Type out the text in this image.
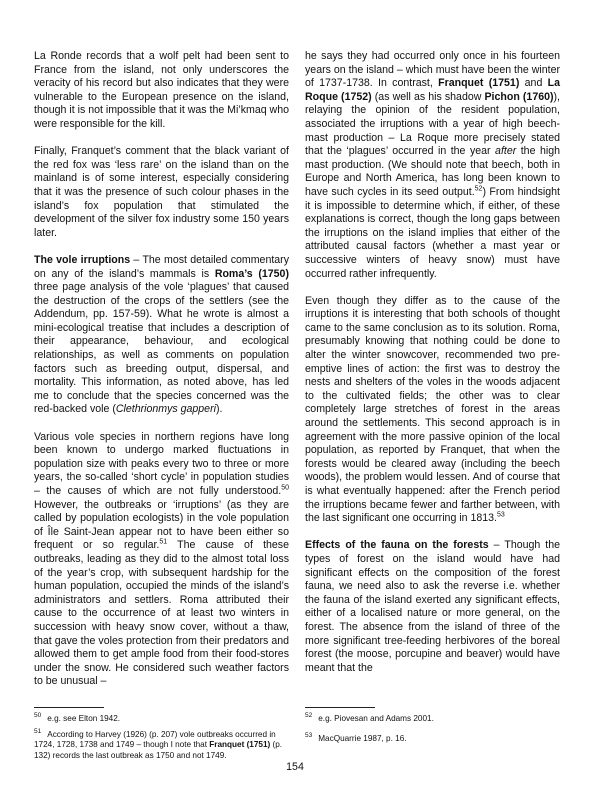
La Ronde records that a wolf pelt had been sent to France from the island, not only underscores the veracity of his record but also indicates that they were vulnerable to the European presence on the island, though it is not impossible that it was the Mi’kmaq who were responsible for the kill.

Finally, Franquet’s comment that the black variant of the red fox was ‘less rare’ on the island than on the mainland is of some interest, especially considering that it was the presence of such colour phases in the island’s fox population that stimulated the development of the silver fox industry some 150 years later.

The vole irruptions – The most detailed commentary on any of the island’s mammals is Roma’s (1750) three page analysis of the vole ‘plagues’ that caused the destruction of the crops of the settlers (see the Addendum, pp. 157-59). What he wrote is almost a mini-ecological treatise that includes a description of their appearance, behaviour, and ecological relationships, as well as comments on population factors such as breeding output, dispersal, and mortality. This information, as noted above, has led me to conclude that the species concerned was the red-backed vole (Clethrionmys gapperi).

Various vole species in northern regions have long been known to undergo marked fluctuations in population size with peaks every two to three or more years, the so-called ‘short cycle’ in population studies – the causes of which are not fully understood.$^{50}$ However, the outbreaks or ‘irruptions’ (as they are called by population ecologists) in the vole population of Île Saint-Jean appear not to have been either so frequent or so regular.$^{51}$ The cause of these outbreaks, leading as they did to the almost total loss of the year’s crop, with subsequent hardship for the human population, occupied the minds of the island’s administrators and settlers. Roma attributed their cause to the occurrence of at least two winters in succession with heavy snow cover, without a thaw, that gave the voles protection from their predators and allowed them to get ample food from their food-stores under the snow. He considered such weather factors to be unusual –

he says they had occurred only once in his fourteen years on the island – which must have been the winter of 1737-1738. In contrast, Franquet (1751) and La Roque (1752) (as well as his shadow Pichon (1760)), relaying the opinion of the resident population, associated the irruptions with a year of high beech-mast production – La Roque more precisely stated that the ‘plagues’ occurred in the year after the high mast production. (We should note that beech, both in Europe and North America, has long been known to have such cycles in its seed output.$^{52}$) From hindsight it is impossible to determine which, if either, of these explanations is correct, though the long gaps between the irruptions on the island implies that either of the attributed causal factors (whether a mast year or successive winters of heavy snow) must have occurred rather infrequently.

Even though they differ as to the cause of the irruptions it is interesting that both schools of thought came to the same conclusion as to its solution. Roma, presumably knowing that nothing could be done to alter the winter snowcover, recommended two pre-emptive lines of action: the first was to destroy the nests and shelters of the voles in the woods adjacent to the cultivated fields; the other was to clear completely large stretches of forest in the areas around the settlements. This second approach is in agreement with the more passive opinion of the local population, as reported by Franquet, that when the forests would be cleared away (including the beech woods), the problem would lessen. And of course that is what eventually happened: after the French period the irruptions became fewer and farther between, with the last significant one occurring in 1813.53

Effects of the fauna on the forests – Though the types of forest on the island would have had significant effects on the composition of the forest fauna, we need also to ask the reverse i.e. whether the fauna of the island exerted any significant effects, either of a localised nature or more general, on the forest. The absence from the island of three of the more significant tree-feeding herbivores of the boreal forest (the moose, porcupine and beaver) would have meant that the

$^{50}$ e.g. see Elton 1942.
$^{51}$ According to Harvey (1926) (p. 207) vole outbreaks occurred in 1724, 1728, 1738 and 1749 – though I note that Franquet (1751) (p. 132) records the last outbreak as 1750 and not 1749.
$^{52}$ e.g. Piovesan and Adams 2001.
$^{53}$ MacQuarrie 1987, p. 16.
154
